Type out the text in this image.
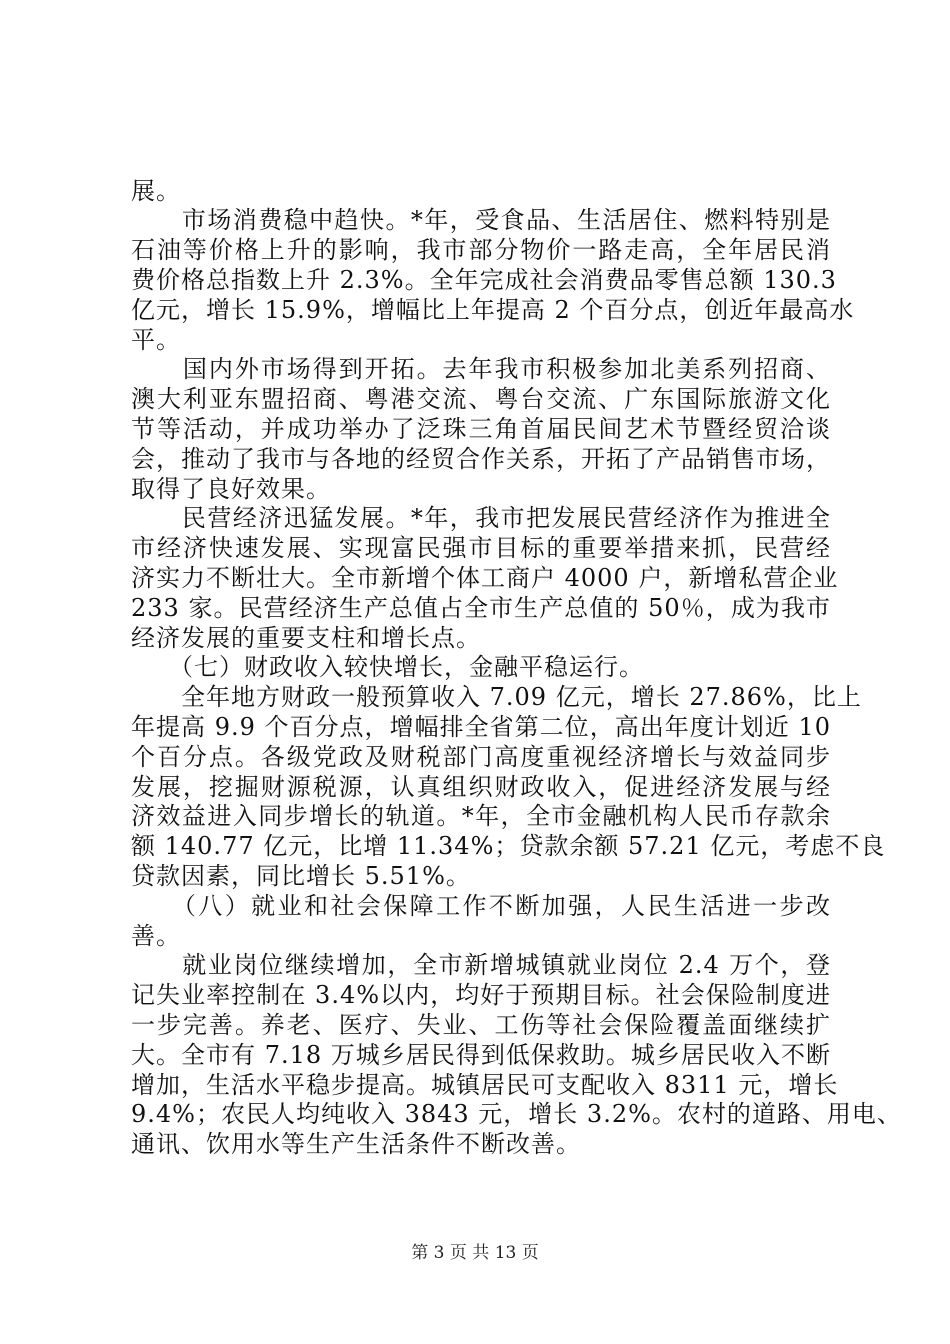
展。
　　市场消费稳中趋快。*年，受食品、生活居住、燃料特别是
石油等价格上升的影响，我市部分物价一路走高，全年居民消
费价格总指数上升 2.3%。全年完成社会消费品零售总额 130.3
亿元，增长 15.9%，增幅比上年提高 2 个百分点，创近年最高水
平。
　　国内外市场得到开拓。去年我市积极参加北美系列招商、
澳大利亚东盟招商、粤港交流、粤台交流、广东国际旅游文化
节等活动，并成功举办了泛珠三角首届民间艺术节暨经贸洽谈
会，推动了我市与各地的经贸合作关系，开拓了产品销售市场，
取得了良好效果。
　　民营经济迅猛发展。*年，我市把发展民营经济作为推进全
市经济快速发展、实现富民强市目标的重要举措来抓，民营经
济实力不断壮大。全市新增个体工商户 4000 户，新增私营企业
233 家。民营经济生产总值占全市生产总值的 50％，成为我市
经济发展的重要支柱和增长点。
　　（七）财政收入较快增长，金融平稳运行。
　　全年地方财政一般预算收入 7.09 亿元，增长 27.86%，比上
年提高 9.9 个百分点，增幅排全省第二位，高出年度计划近 10
个百分点。各级党政及财税部门高度重视经济增长与效益同步
发展，挖掘财源税源，认真组织财政收入，促进经济发展与经
济效益进入同步增长的轨道。*年，全市金融机构人民币存款余
额 140.77 亿元，比增 11.34%；贷款余额 57.21 亿元，考虑不良
贷款因素，同比增长 5.51%。
　　（八）就业和社会保障工作不断加强，人民生活进一步改
善。
　　就业岗位继续增加，全市新增城镇就业岗位 2.4 万个，登
记失业率控制在 3.4%以内，均好于预期目标。社会保险制度进
一步完善。养老、医疗、失业、工伤等社会保险覆盖面继续扩
大。全市有 7.18 万城乡居民得到低保救助。城乡居民收入不断
增加，生活水平稳步提高。城镇居民可支配收入 8311 元，增长
9.4%；农民人均纯收入 3843 元，增长 3.2%。农村的道路、用电、
通讯、饮用水等生产生活条件不断改善。
第 3 页 共 13 页
